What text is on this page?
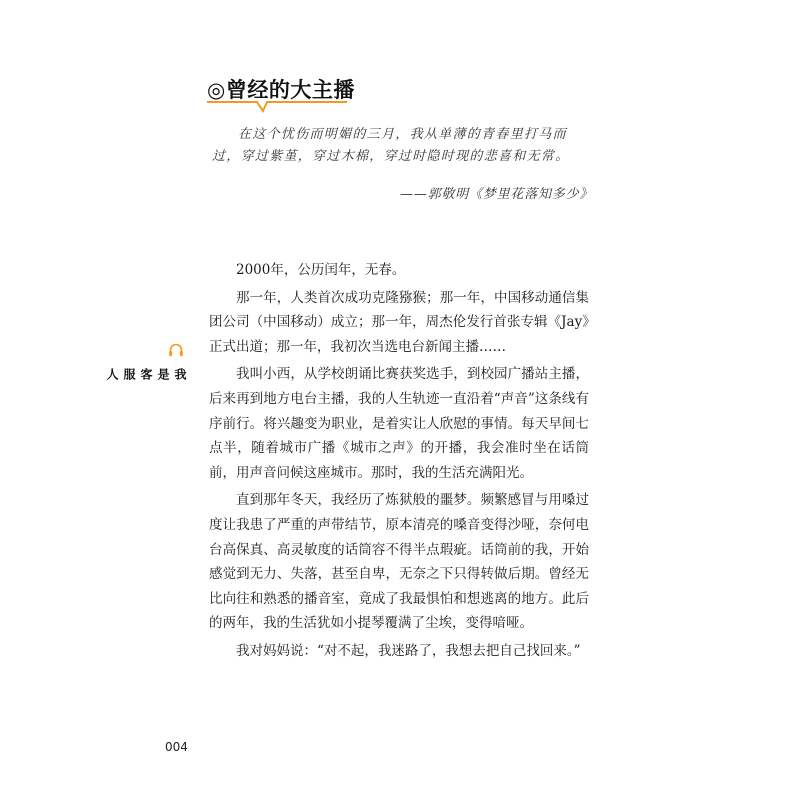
◎曾经的大主播
在这个忧伤而明媚的三月，我从单薄的青春里打马而过，穿过紫堇，穿过木棉，穿过时隐时现的悲喜和无常。
——郭敬明《梦里花落知多少》
我是客服人

2000年，公历闰年，无春。

那一年，人类首次成功克隆猕猴；那一年，中国移动通信集团公司（中国移动）成立；那一年，周杰伦发行首张专辑《Jay》正式出道；那一年，我初次当选电台新闻主播……

我叫小西，从学校朗诵比赛获奖选手，到校园广播站主播，后来再到地方电台主播，我的人生轨迹一直沿着“声音”这条线有序前行。将兴趣变为职业，是着实让人欣慰的事情。每天早间七点半，随着城市广播《城市之声》的开播，我会准时坐在话筒前，用声音问候这座城市。那时，我的生活充满阳光。

直到那年冬天，我经历了炼狱般的噩梦。频繁感冒与用嗓过度让我患了严重的声带结节，原本清亮的嗓音变得沙哑，奈何电台高保真、高灵敏度的话筒容不得半点瑕疵。话筒前的我，开始感觉到无力、失落，甚至自卑，无奈之下只得转做后期。曾经无比向往和熟悉的播音室，竟成了我最惧怕和想逃离的地方。此后的两年，我的生活犹如小提琴覆满了尘埃，变得喑哑。

我对妈妈说：“对不起，我迷路了，我想去把自己找回来。”

004
